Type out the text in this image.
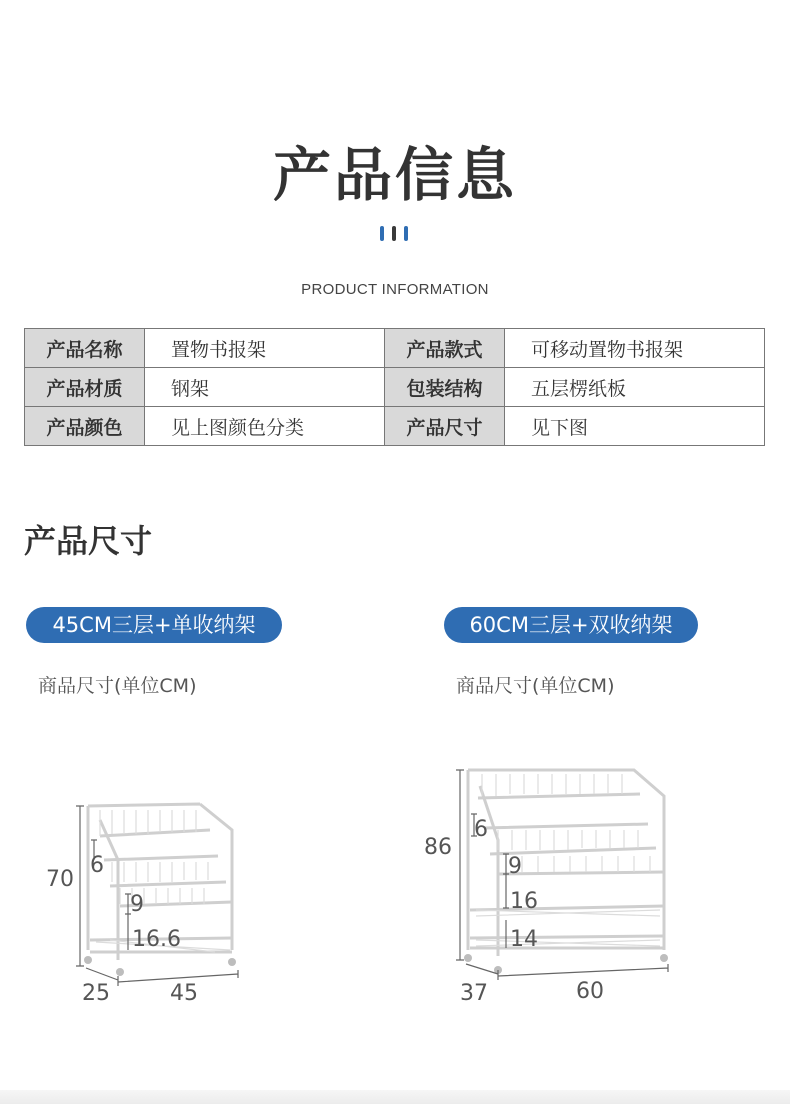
产品信息
PRODUCT INFORMATION
产品名称	置物书报架	产品款式	可移动置物书报架
产品材质	钢架	包装结构	五层楞纸板
产品颜色	见上图颜色分类	产品尺寸	见下图
产品尺寸
45CM三层+单收纳架
商品尺寸(单位CM)
60CM三层+双收纳架
商品尺寸(单位CM)
70
6
9
16.6
25	45
86
6
9
16
14
37	60
